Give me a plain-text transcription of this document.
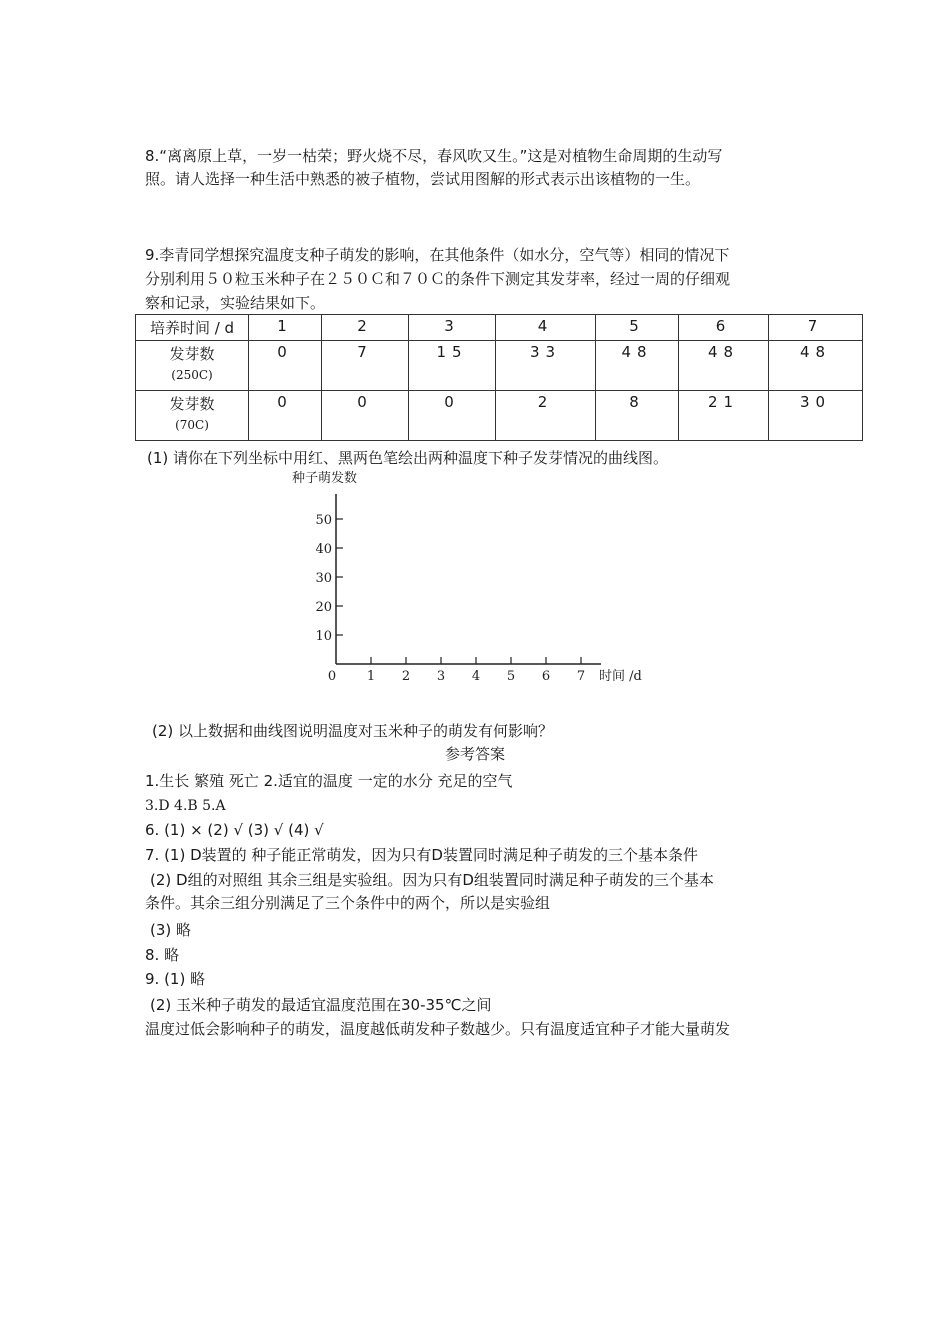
8.“离离原上草，一岁一枯荣；野火烧不尽，春风吹又生。”这是对植物生命周期的生动写
照。请人选择一种生活中熟悉的被子植物，尝试用图解的形式表示出该植物的一生。
9.李青同学想探究温度支种子萌发的影响，在其他条件（如水分，空气等）相同的情况下
分别利用５０粒玉米种子在２５０Ｃ和７０Ｃ的条件下测定其发芽率，经过一周的仔细观
察和记录，实验结果如下。
培养时间 / d	1	2	3	4	5	6	7
发芽数
(250C)	0	7	15	33	48	48	48
发芽数
(70C)	0	0	0	2	8	21	30
(1) 请你在下列坐标中用红、黑两色笔绘出两种温度下种子发芽情况的曲线图。
种子萌发数
10
20
30
40
50
1 2 3 4 5 6 7
0	时间 /d
(2) 以上数据和曲线图说明温度对玉米种子的萌发有何影响？
参考答案
1.生长 繁殖 死亡 2.适宜的温度 一定的水分 充足的空气
3.D 4.B 5.A
6. (1) × (2) √ (3) √ (4) √
7. (1) D装置的 种子能正常萌发，因为只有D装置同时满足种子萌发的三个基本条件
(2) D组的对照组 其余三组是实验组。因为只有D组装置同时满足种子萌发的三个基本
条件。其余三组分别满足了三个条件中的两个，所以是实验组
(3) 略
8. 略
9. (1) 略
(2) 玉米种子萌发的最适宜温度范围在30-35℃之间
温度过低会影响种子的萌发，温度越低萌发种子数越少。只有温度适宜种子才能大量萌发
